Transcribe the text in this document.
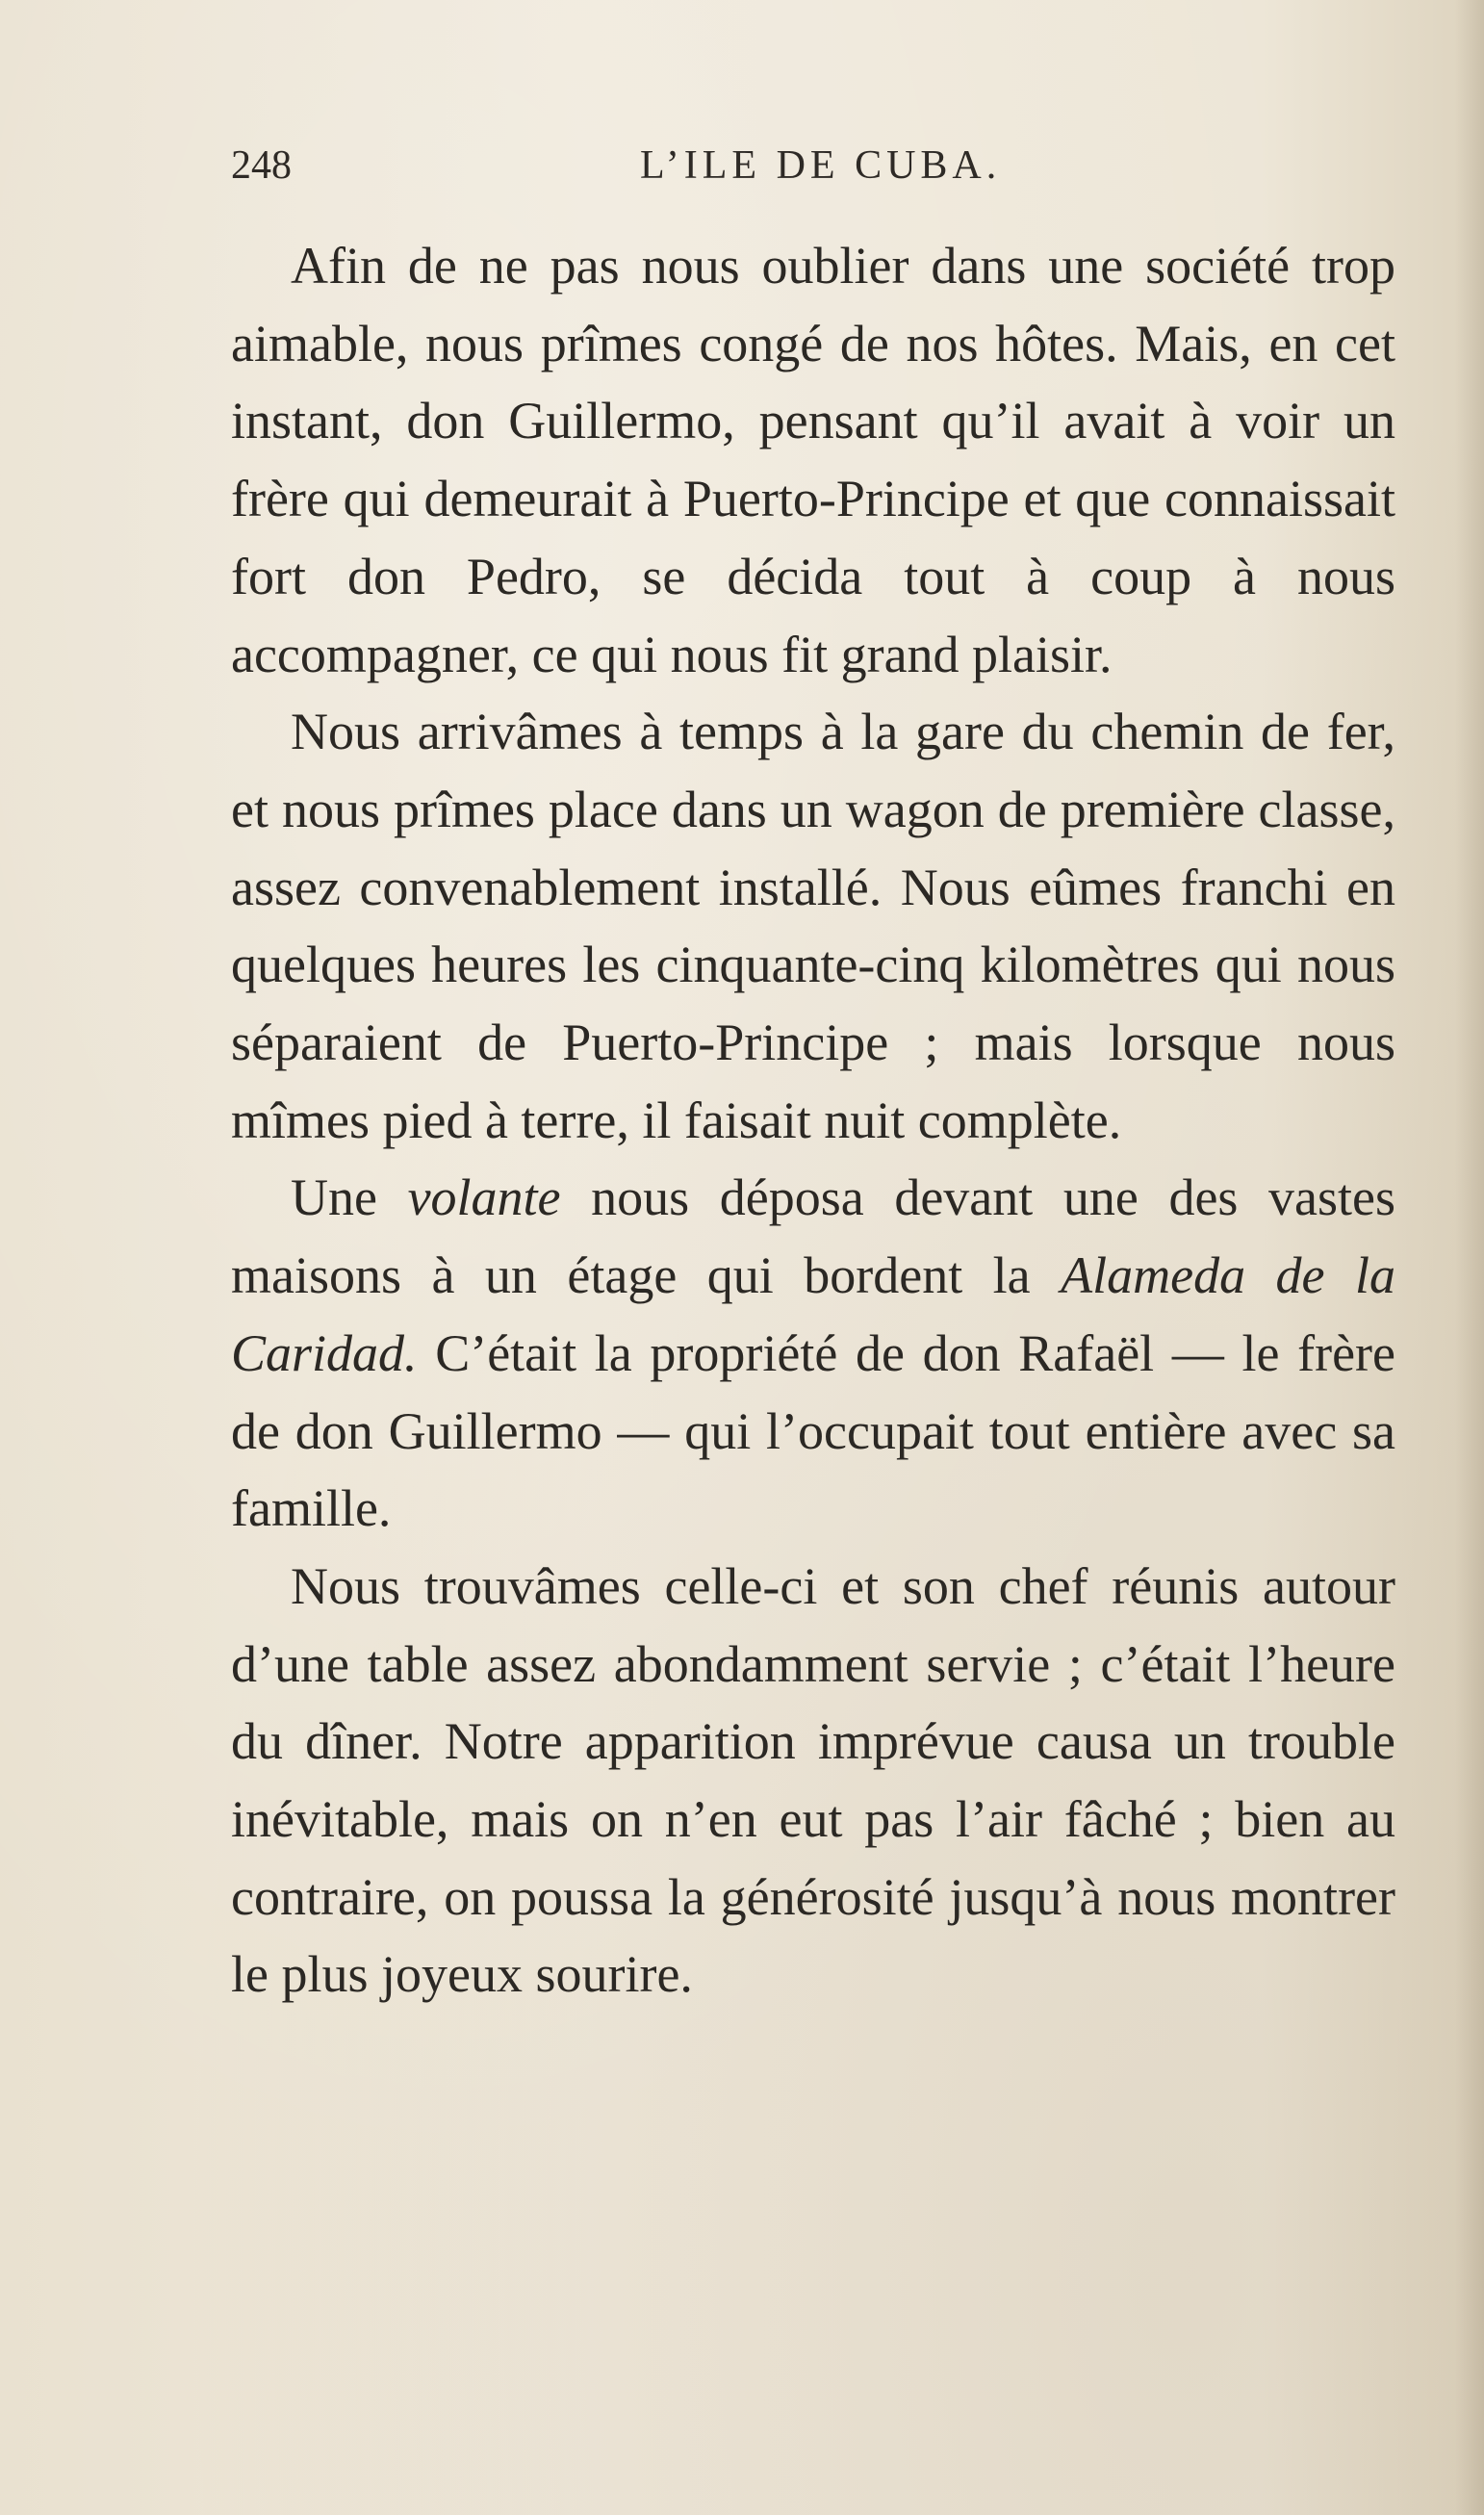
248	L’ILE DE CUBA.

Afin de ne pas nous oublier dans une société trop aimable, nous prîmes congé de nos hôtes. Mais, en cet instant, don Guillermo, pensant qu’il avait à voir un frère qui demeurait à Puerto-Principe et que connaissait fort don Pedro, se décida tout à coup à nous accompagner, ce qui nous fit grand plaisir.

Nous arrivâmes à temps à la gare du chemin de fer, et nous prîmes place dans un wagon de première classe, assez convenablement installé. Nous eûmes franchi en quelques heures les cinquante-cinq kilomètres qui nous séparaient de Puerto-Principe ; mais lorsque nous mîmes pied à terre, il faisait nuit complète.

Une volante nous déposa devant une des vastes maisons à un étage qui bordent la Alameda de la Caridad. C’était la propriété de don Rafaël — le frère de don Guillermo — qui l’occupait tout entière avec sa famille.

Nous trouvâmes celle-ci et son chef réunis autour d’une table assez abondamment servie ; c’était l’heure du dîner. Notre apparition imprévue causa un trouble inévitable, mais on n’en eut pas l’air fâché ; bien au contraire, on poussa la générosité jusqu’à nous montrer le plus joyeux sourire.
